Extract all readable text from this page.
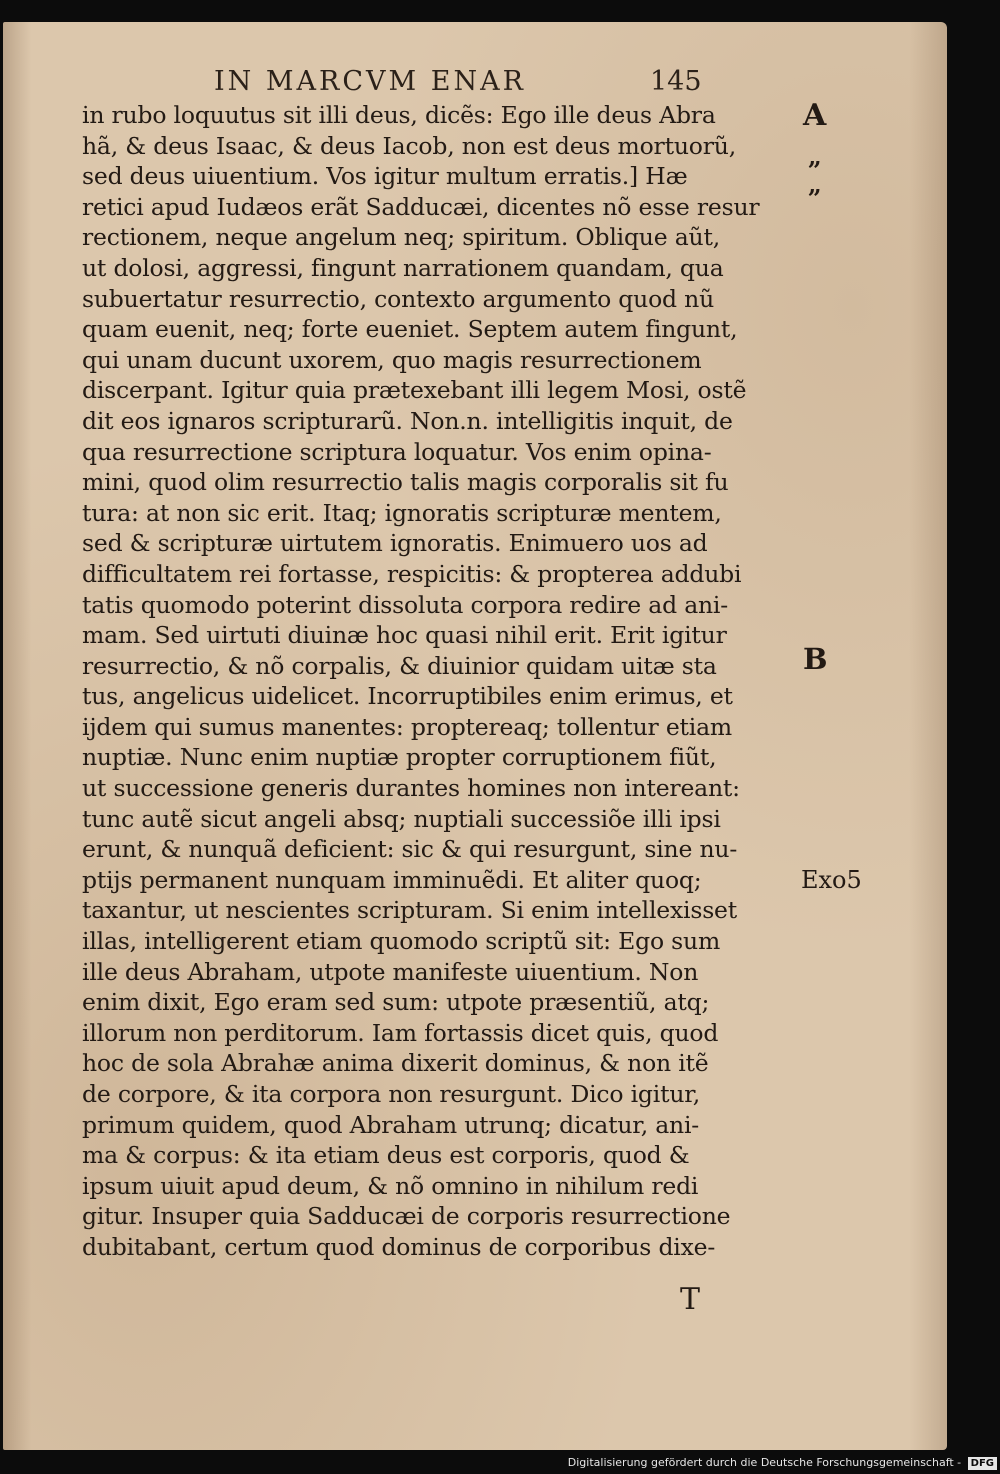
IN MARCVM ENAR	145
in rubo loquutus sit illi deus, dicẽs: Ego ille deus Abra
hã, & deus Isaac, & deus Iacob, non est deus mortuorũ,
sed deus uiuentium. Vos igitur multum erratis.] Hæ
retici apud Iudæos erãt Sadducæi, dicentes nõ esse resur
rectionem, neque angelum neq; spiritum. Oblique aũt,
ut dolosi, aggressi, fingunt narrationem quandam, qua
subuertatur resurrectio, contexto argumento quod nũ
quam euenit, neq; forte eueniet. Septem autem fingunt,
qui unam ducunt uxorem, quo magis resurrectionem
discerpant. Igitur quia prætexebant illi legem Mosi, ostẽ
dit eos ignaros scripturarũ. Non.n. intelligitis inquit, de
qua resurrectione scriptura loquatur. Vos enim opina-
mini, quod olim resurrectio talis magis corporalis sit fu
tura: at non sic erit. Itaq; ignoratis scripturæ mentem,
sed & scripturæ uirtutem ignoratis. Enimuero uos ad
difficultatem rei fortasse, respicitis: & propterea addubi
tatis quomodo poterint dissoluta corpora redire ad ani-
mam. Sed uirtuti diuinæ hoc quasi nihil erit. Erit igitur
resurrectio, & nõ corpalis, & diuinior quidam uitæ sta
tus, angelicus uidelicet. Incorruptibiles enim erimus, et
ijdem qui sumus manentes: proptereaq; tollentur etiam
nuptiæ. Nunc enim nuptiæ propter corruptionem fiũt,
ut successione generis durantes homines non intereant:
tunc autẽ sicut angeli absq; nuptiali successiõe illi ipsi
erunt, & nunquã deficient: sic & qui resurgunt, sine nu-
ptijs permanent nunquam imminuẽdi. Et aliter quoq;
taxantur, ut nescientes scripturam. Si enim intellexisset
illas, intelligerent etiam quomodo scriptũ sit: Ego sum
ille deus Abraham, utpote manifeste uiuentium. Non
enim dixit, Ego eram sed sum: utpote præsentiũ, atq;
illorum non perditorum. Iam fortassis dicet quis, quod
hoc de sola Abrahæ anima dixerit dominus, & non itẽ
de corpore, & ita corpora non resurgunt. Dico igitur,
primum quidem, quod Abraham utrunq; dicatur, ani-
ma & corpus: & ita etiam deus est corporis, quod &
ipsum uiuit apud deum, & nõ omnino in nihilum redi
gitur. Insuper quia Sadducæi de corporis resurrectione
dubitabant, certum quod dominus de corporibus dixe-
A
„
„
B
Exo5
T
Digitalisierung gefördert durch die Deutsche Forschungsgemeinschaft - DFG
